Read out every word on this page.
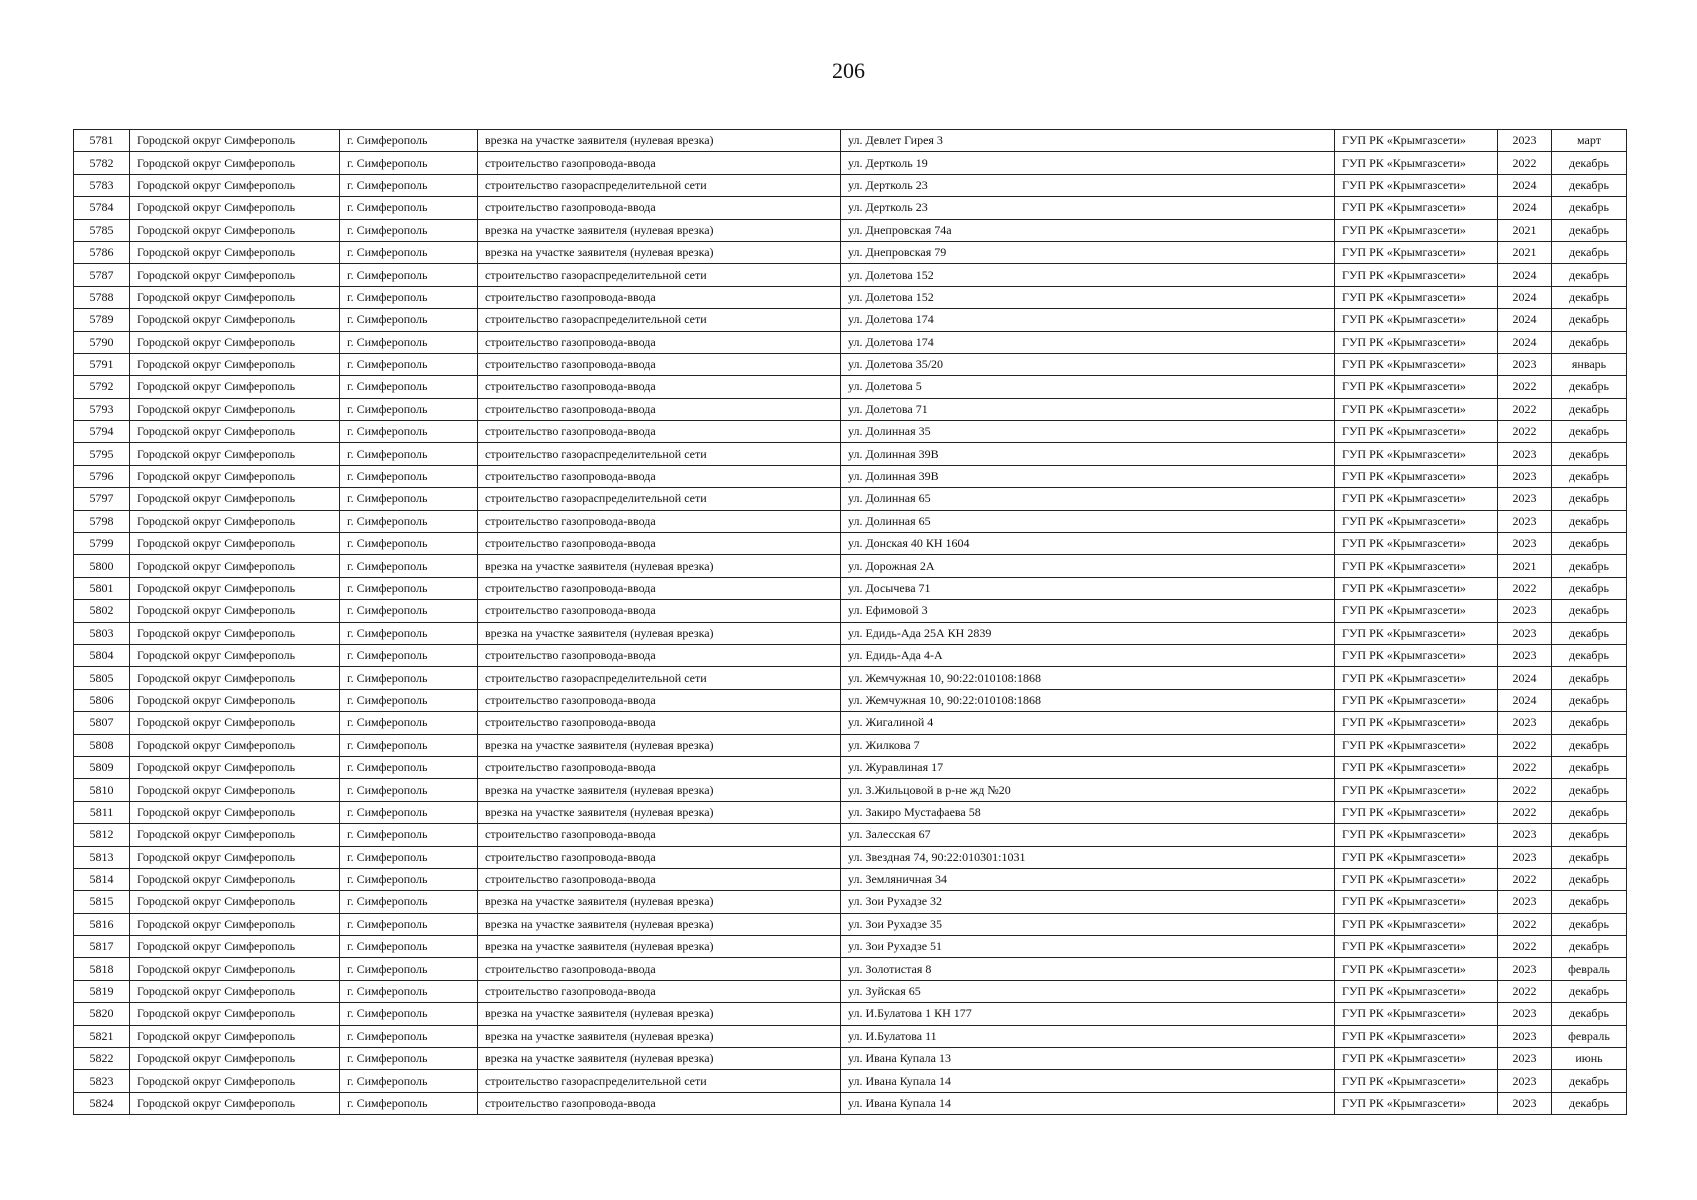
206
5781	Городской округ Симферополь	г. Симферополь	врезка на участке заявителя (нулевая врезка)	ул. Девлет Гирея 3	ГУП РК «Крымгазсети»	2023	март
5782	Городской округ Симферополь	г. Симферополь	строительство газопровода-ввода	ул. Дертколь 19	ГУП РК «Крымгазсети»	2022	декабрь
5783	Городской округ Симферополь	г. Симферополь	строительство газораспределительной сети	ул. Дертколь 23	ГУП РК «Крымгазсети»	2024	декабрь
5784	Городской округ Симферополь	г. Симферополь	строительство газопровода-ввода	ул. Дертколь 23	ГУП РК «Крымгазсети»	2024	декабрь
5785	Городской округ Симферополь	г. Симферополь	врезка на участке заявителя (нулевая врезка)	ул. Днепровская 74а	ГУП РК «Крымгазсети»	2021	декабрь
5786	Городской округ Симферополь	г. Симферополь	врезка на участке заявителя (нулевая врезка)	ул. Днепровская 79	ГУП РК «Крымгазсети»	2021	декабрь
5787	Городской округ Симферополь	г. Симферополь	строительство газораспределительной сети	ул. Долетова 152	ГУП РК «Крымгазсети»	2024	декабрь
5788	Городской округ Симферополь	г. Симферополь	строительство газопровода-ввода	ул. Долетова 152	ГУП РК «Крымгазсети»	2024	декабрь
5789	Городской округ Симферополь	г. Симферополь	строительство газораспределительной сети	ул. Долетова 174	ГУП РК «Крымгазсети»	2024	декабрь
5790	Городской округ Симферополь	г. Симферополь	строительство газопровода-ввода	ул. Долетова 174	ГУП РК «Крымгазсети»	2024	декабрь
5791	Городской округ Симферополь	г. Симферополь	строительство газопровода-ввода	ул. Долетова 35/20	ГУП РК «Крымгазсети»	2023	январь
5792	Городской округ Симферополь	г. Симферополь	строительство газопровода-ввода	ул. Долетова 5	ГУП РК «Крымгазсети»	2022	декабрь
5793	Городской округ Симферополь	г. Симферополь	строительство газопровода-ввода	ул. Долетова 71	ГУП РК «Крымгазсети»	2022	декабрь
5794	Городской округ Симферополь	г. Симферополь	строительство газопровода-ввода	ул. Долинная 35	ГУП РК «Крымгазсети»	2022	декабрь
5795	Городской округ Симферополь	г. Симферополь	строительство газораспределительной сети	ул. Долинная 39В	ГУП РК «Крымгазсети»	2023	декабрь
5796	Городской округ Симферополь	г. Симферополь	строительство газопровода-ввода	ул. Долинная 39В	ГУП РК «Крымгазсети»	2023	декабрь
5797	Городской округ Симферополь	г. Симферополь	строительство газораспределительной сети	ул. Долинная 65	ГУП РК «Крымгазсети»	2023	декабрь
5798	Городской округ Симферополь	г. Симферополь	строительство газопровода-ввода	ул. Долинная 65	ГУП РК «Крымгазсети»	2023	декабрь
5799	Городской округ Симферополь	г. Симферополь	строительство газопровода-ввода	ул. Донская 40 КН 1604	ГУП РК «Крымгазсети»	2023	декабрь
5800	Городской округ Симферополь	г. Симферополь	врезка на участке заявителя (нулевая врезка)	ул. Дорожная 2А	ГУП РК «Крымгазсети»	2021	декабрь
5801	Городской округ Симферополь	г. Симферополь	строительство газопровода-ввода	ул. Досычева 71	ГУП РК «Крымгазсети»	2022	декабрь
5802	Городской округ Симферополь	г. Симферополь	строительство газопровода-ввода	ул. Ефимовой 3	ГУП РК «Крымгазсети»	2023	декабрь
5803	Городской округ Симферополь	г. Симферополь	врезка на участке заявителя (нулевая врезка)	ул. Eдидь-Ада 25А КН 2839	ГУП РК «Крымгазсети»	2023	декабрь
5804	Городской округ Симферополь	г. Симферополь	строительство газопровода-ввода	ул. Eдидь-Ада 4-А	ГУП РК «Крымгазсети»	2023	декабрь
5805	Городской округ Симферополь	г. Симферополь	строительство газораспределительной сети	ул. Жемчужная 10, 90:22:010108:1868	ГУП РК «Крымгазсети»	2024	декабрь
5806	Городской округ Симферополь	г. Симферополь	строительство газопровода-ввода	ул. Жемчужная 10, 90:22:010108:1868	ГУП РК «Крымгазсети»	2024	декабрь
5807	Городской округ Симферополь	г. Симферополь	строительство газопровода-ввода	ул. Жигалиной 4	ГУП РК «Крымгазсети»	2023	декабрь
5808	Городской округ Симферополь	г. Симферополь	врезка на участке заявителя (нулевая врезка)	ул. Жилкова 7	ГУП РК «Крымгазсети»	2022	декабрь
5809	Городской округ Симферополь	г. Симферополь	строительство газопровода-ввода	ул. Журавлиная 17	ГУП РК «Крымгазсети»	2022	декабрь
5810	Городской округ Симферополь	г. Симферополь	врезка на участке заявителя (нулевая врезка)	ул. З.Жильцовой в р-не жд №20	ГУП РК «Крымгазсети»	2022	декабрь
5811	Городской округ Симферополь	г. Симферополь	врезка на участке заявителя (нулевая врезка)	ул. Закиро Мустафаева 58	ГУП РК «Крымгазсети»	2022	декабрь
5812	Городской округ Симферополь	г. Симферополь	строительство газопровода-ввода	ул. Залесская 67	ГУП РК «Крымгазсети»	2023	декабрь
5813	Городской округ Симферополь	г. Симферополь	строительство газопровода-ввода	ул. Звездная 74, 90:22:010301:1031	ГУП РК «Крымгазсети»	2023	декабрь
5814	Городской округ Симферополь	г. Симферополь	строительство газопровода-ввода	ул. Земляничная 34	ГУП РК «Крымгазсети»	2022	декабрь
5815	Городской округ Симферополь	г. Симферополь	врезка на участке заявителя (нулевая врезка)	ул. Зои Рухадзе 32	ГУП РК «Крымгазсети»	2023	декабрь
5816	Городской округ Симферополь	г. Симферополь	врезка на участке заявителя (нулевая врезка)	ул. Зои Рухадзе 35	ГУП РК «Крымгазсети»	2022	декабрь
5817	Городской округ Симферополь	г. Симферополь	врезка на участке заявителя (нулевая врезка)	ул. Зои Рухадзе 51	ГУП РК «Крымгазсети»	2022	декабрь
5818	Городской округ Симферополь	г. Симферополь	строительство газопровода-ввода	ул. Золотистая 8	ГУП РК «Крымгазсети»	2023	февраль
5819	Городской округ Симферополь	г. Симферополь	строительство газопровода-ввода	ул. Зуйская 65	ГУП РК «Крымгазсети»	2022	декабрь
5820	Городской округ Симферополь	г. Симферополь	врезка на участке заявителя (нулевая врезка)	ул. И.Булатова 1 КН 177	ГУП РК «Крымгазсети»	2023	декабрь
5821	Городской округ Симферополь	г. Симферополь	врезка на участке заявителя (нулевая врезка)	ул. И.Булатова 11	ГУП РК «Крымгазсети»	2023	февраль
5822	Городской округ Симферополь	г. Симферополь	врезка на участке заявителя (нулевая врезка)	ул. Ивана Купала 13	ГУП РК «Крымгазсети»	2023	июнь
5823	Городской округ Симферополь	г. Симферополь	строительство газораспределительной сети	ул. Ивана Купала 14	ГУП РК «Крымгазсети»	2023	декабрь
5824	Городской округ Симферополь	г. Симферополь	строительство газопровода-ввода	ул. Ивана Купала 14	ГУП РК «Крымгазсети»	2023	декабрь
